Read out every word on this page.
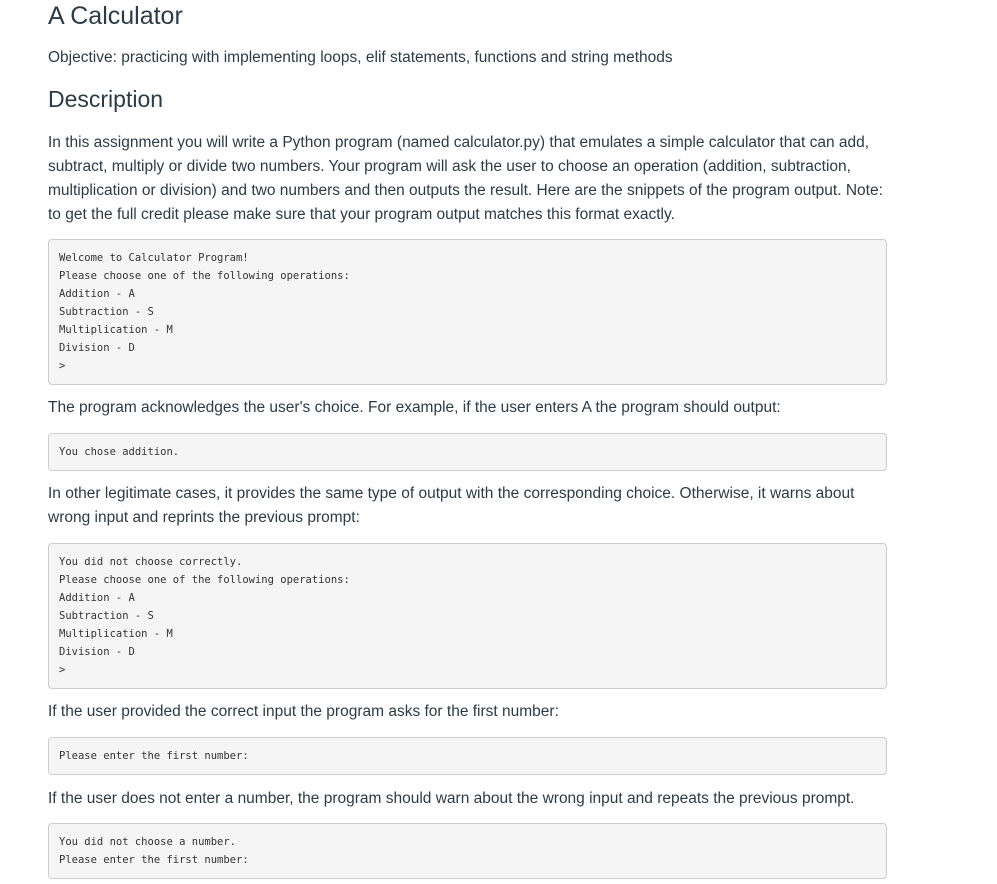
A Calculator

Objective: practicing with implementing loops, elif statements, functions and string methods

Description

In this assignment you will write a Python program (named calculator.py) that emulates a simple calculator that can add, subtract, multiply or divide two numbers. Your program will ask the user to choose an operation (addition, subtraction, multiplication or division) and two numbers and then outputs the result. Here are the snippets of the program output. Note: to get the full credit please make sure that your program output matches this format exactly.

Welcome to Calculator Program!
Please choose one of the following operations:
Addition - A
Subtraction - S
Multiplication - M
Division - D
>

The program acknowledges the user's choice. For example, if the user enters A the program should output:

You chose addition.

In other legitimate cases, it provides the same type of output with the corresponding choice. Otherwise, it warns about wrong input and reprints the previous prompt:

You did not choose correctly.
Please choose one of the following operations:
Addition - A
Subtraction - S
Multiplication - M
Division - D
>

If the user provided the correct input the program asks for the first number:

Please enter the first number:

If the user does not enter a number, the program should warn about the wrong input and repeats the previous prompt.

You did not choose a number.
Please enter the first number:
